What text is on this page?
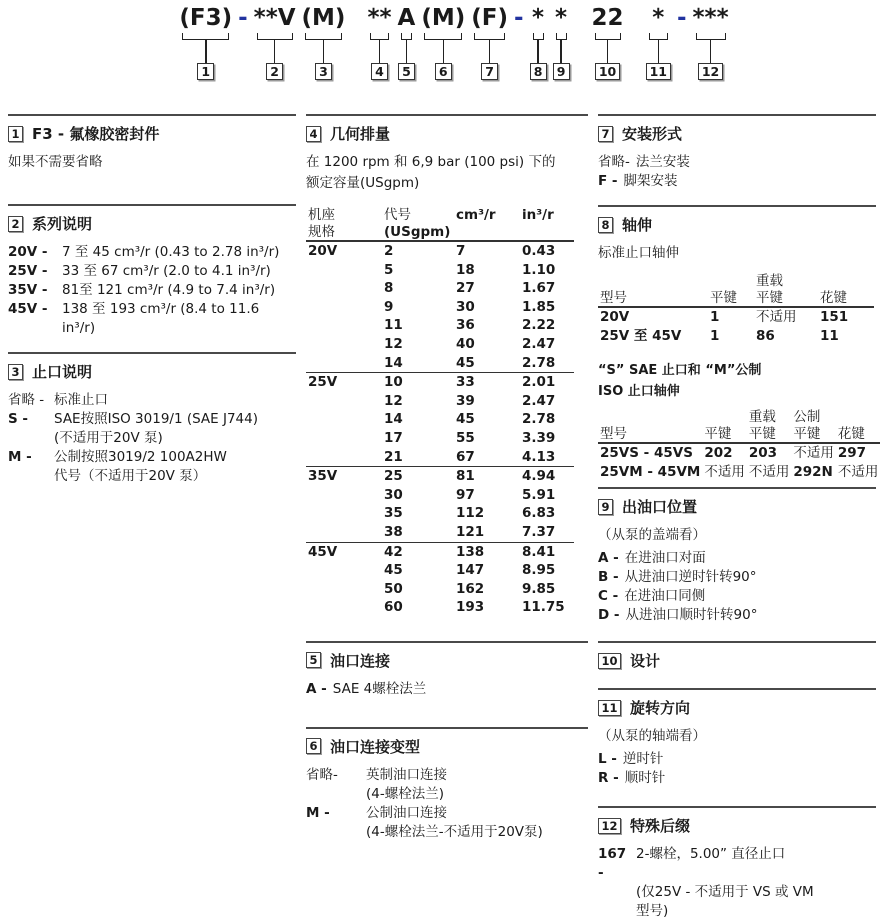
(F3)
1
- **V
2
(M)
3
**
4
A
5
(M)
6
(F)
7
- *
8
*
9
22
10
*
11
- ***
12
1 F3 - 氟橡胶密封件
如果不需要省略
2 系列说明
20V -	7 至 45 cm³/r (0.43 to 2.78 in³/r)
25V -	33 至 67 cm³/r (2.0 to 4.1 in³/r)
35V -	81至 121 cm³/r (4.9 to 7.4 in³/r)
45V -	138 至 193 cm³/r (8.4 to 11.6 in³/r)
3 止口说明
省略 - 标准止口
S -	SAE按照ISO 3019/1 (SAE J744)
(不适用于20V 泵)
M -	公制按照3019/2 100A2HW
代号（不适用于20V 泵）
4 几何排量
在 1200 rpm 和 6,9 bar (100 psi) 下的
额定容量(USgpm)
机座	代号	cm³/r	in³/r
规格	(USgpm)		
20V	2	7	0.43
	5	18	1.10
	8	27	1.67
	9	30	1.85
	11	36	2.22
	12	40	2.47
	14	45	2.78
25V	10	33	2.01
	12	39	2.47
	14	45	2.78
	17	55	3.39
	21	67	4.13
35V	25	81	4.94
	30	97	5.91
	35	112	6.83
	38	121	7.37
45V	42	138	8.41
	45	147	8.95
	50	162	9.85
	60	193	11.75
5 油口连接
A - SAE 4螺栓法兰
6 油口连接变型
省略-	英制油口连接
(4-螺栓法兰)
M -	公制油口连接
(4-螺栓法兰-不适用于20V泵)
7 安装形式
省略- 法兰安装
F - 脚架安装
8 轴伸
标准止口轴伸
		重载	
型号	平键	平键	花键
20V	1	不适用	151
25V 至 45V	1	86	11
“S” SAE 止口和 “M”公制
ISO 止口轴伸
		重载	公制	
型号	平键	平键	平键	花键
25VS - 45VS	202	203	不适用	297
25VM - 45VM	不适用	不适用	292N	不适用
9 出油口位置
（从泵的盖端看）
A - 在进油口对面
B - 从进油口逆时针转90°
C - 在进油口同侧
D - 从进油口顺时针转90°
10 设计
11 旋转方向
（从泵的轴端看）
L - 逆时针
R - 顺时针
12 特殊后缀
167 -
2-螺栓，5.00” 直径止口
(仅25V - 不适用于 VS 或 VM
型号)
